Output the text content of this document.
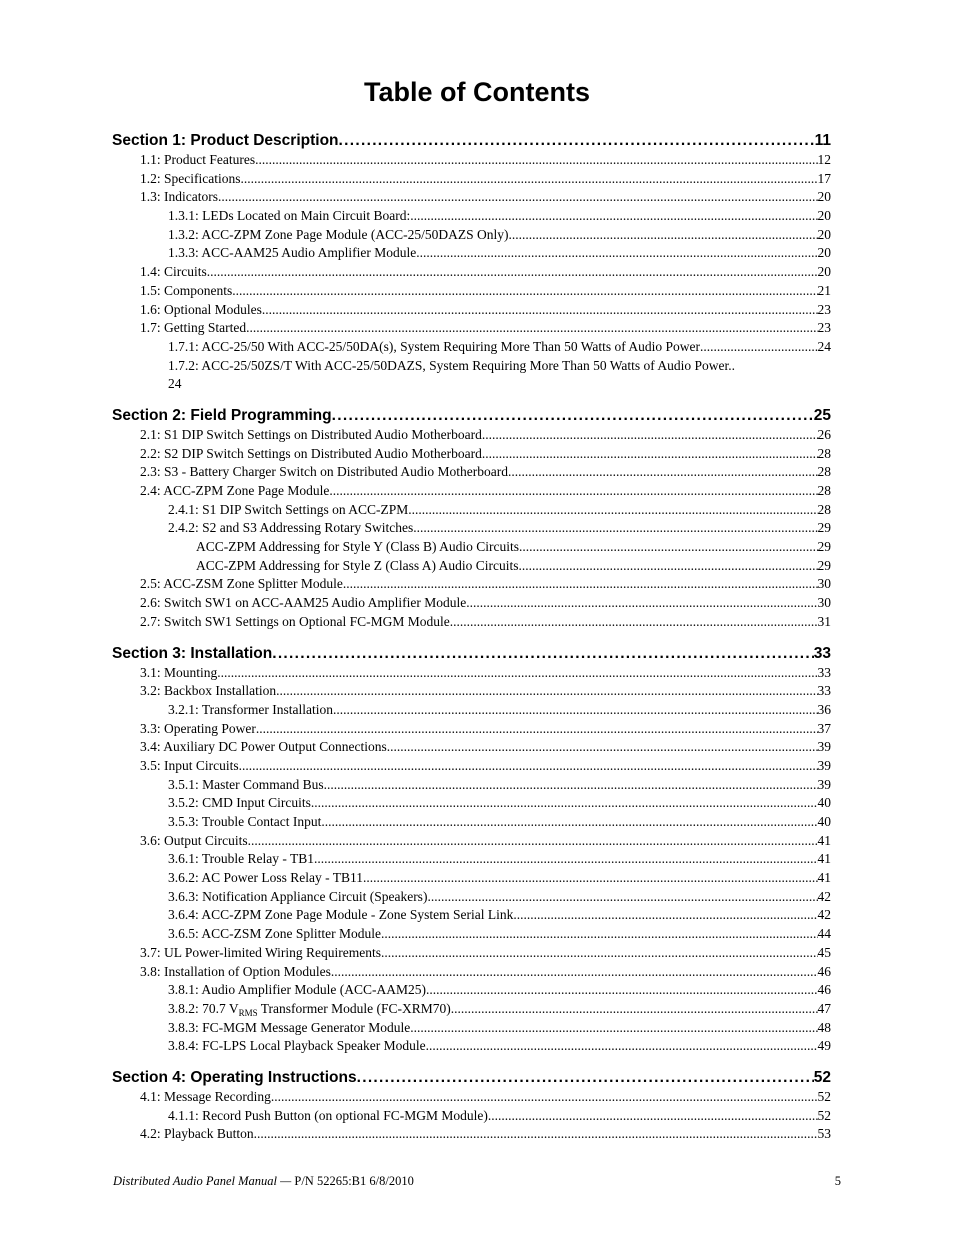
Table of Contents
Section 1: Product Description . . .	11
1.1: Product Features .....	12
1.2: Specifications .....	17
1.3: Indicators .....	20
1.3.1: LEDs Located on Main Circuit Board: .....	20
1.3.2: ACC-ZPM Zone Page Module (ACC-25/50DAZS Only) .....	20
1.3.3: ACC-AAM25 Audio Amplifier Module .....	20
1.4: Circuits .....	20
1.5: Components .....	21
1.6: Optional Modules .....	23
1.7: Getting Started .....	23
1.7.1: ACC-25/50 With ACC-25/50DA(s), System Requiring More Than 50 Watts of Audio Power .....	24
1.7.2: ACC-25/50ZS/T With ACC-25/50DAZS, System Requiring More Than 50 Watts of Audio Power..
24
Section 2: Field Programming . . .	25
2.1: S1 DIP Switch Settings on Distributed Audio Motherboard .....	26
2.2: S2 DIP Switch Settings on Distributed Audio Motherboard .....	28
2.3: S3 - Battery Charger Switch on Distributed Audio Motherboard .....	28
2.4: ACC-ZPM Zone Page Module .....	28
2.4.1: S1 DIP Switch Settings on ACC-ZPM .....	28
2.4.2: S2 and S3 Addressing Rotary Switches .....	29
ACC-ZPM Addressing for Style Y (Class B) Audio Circuits .....	29
ACC-ZPM Addressing for Style Z (Class A) Audio Circuits .....	29
2.5: ACC-ZSM Zone Splitter Module .....	30
2.6: Switch SW1 on ACC-AAM25 Audio Amplifier Module .....	30
2.7: Switch SW1 Settings on Optional FC-MGM Module .....	31
Section 3: Installation . . .	33
3.1: Mounting .....	33
3.2: Backbox Installation .....	33
3.2.1: Transformer Installation .....	36
3.3: Operating Power .....	37
3.4: Auxiliary DC Power Output Connections .....	39
3.5: Input Circuits .....	39
3.5.1: Master Command Bus .....	39
3.5.2: CMD Input Circuits .....	40
3.5.3: Trouble Contact Input .....	40
3.6: Output Circuits .....	41
3.6.1: Trouble Relay - TB1 .....	41
3.6.2: AC Power Loss Relay - TB11 .....	41
3.6.3: Notification Appliance Circuit (Speakers) .....	42
3.6.4: ACC-ZPM Zone Page Module - Zone System Serial Link .....	42
3.6.5: ACC-ZSM Zone Splitter Module .....	44
3.7: UL Power-limited Wiring Requirements .....	45
3.8: Installation of Option Modules .....	46
3.8.1: Audio Amplifier Module (ACC-AAM25) .....	46
3.8.2: 70.7 $V_{RMS}$ Transformer Module (FC-XRM70) .....	47
3.8.3: FC-MGM Message Generator Module .....	48
3.8.4: FC-LPS Local Playback Speaker Module .....	49
Section 4: Operating Instructions . . .	52
4.1: Message Recording .....	52
4.1.1: Record Push Button (on optional FC-MGM Module) .....	52
4.2: Playback Button .....	53
Distributed Audio Panel Manual — P/N 52265:B1 6/8/2010	5
